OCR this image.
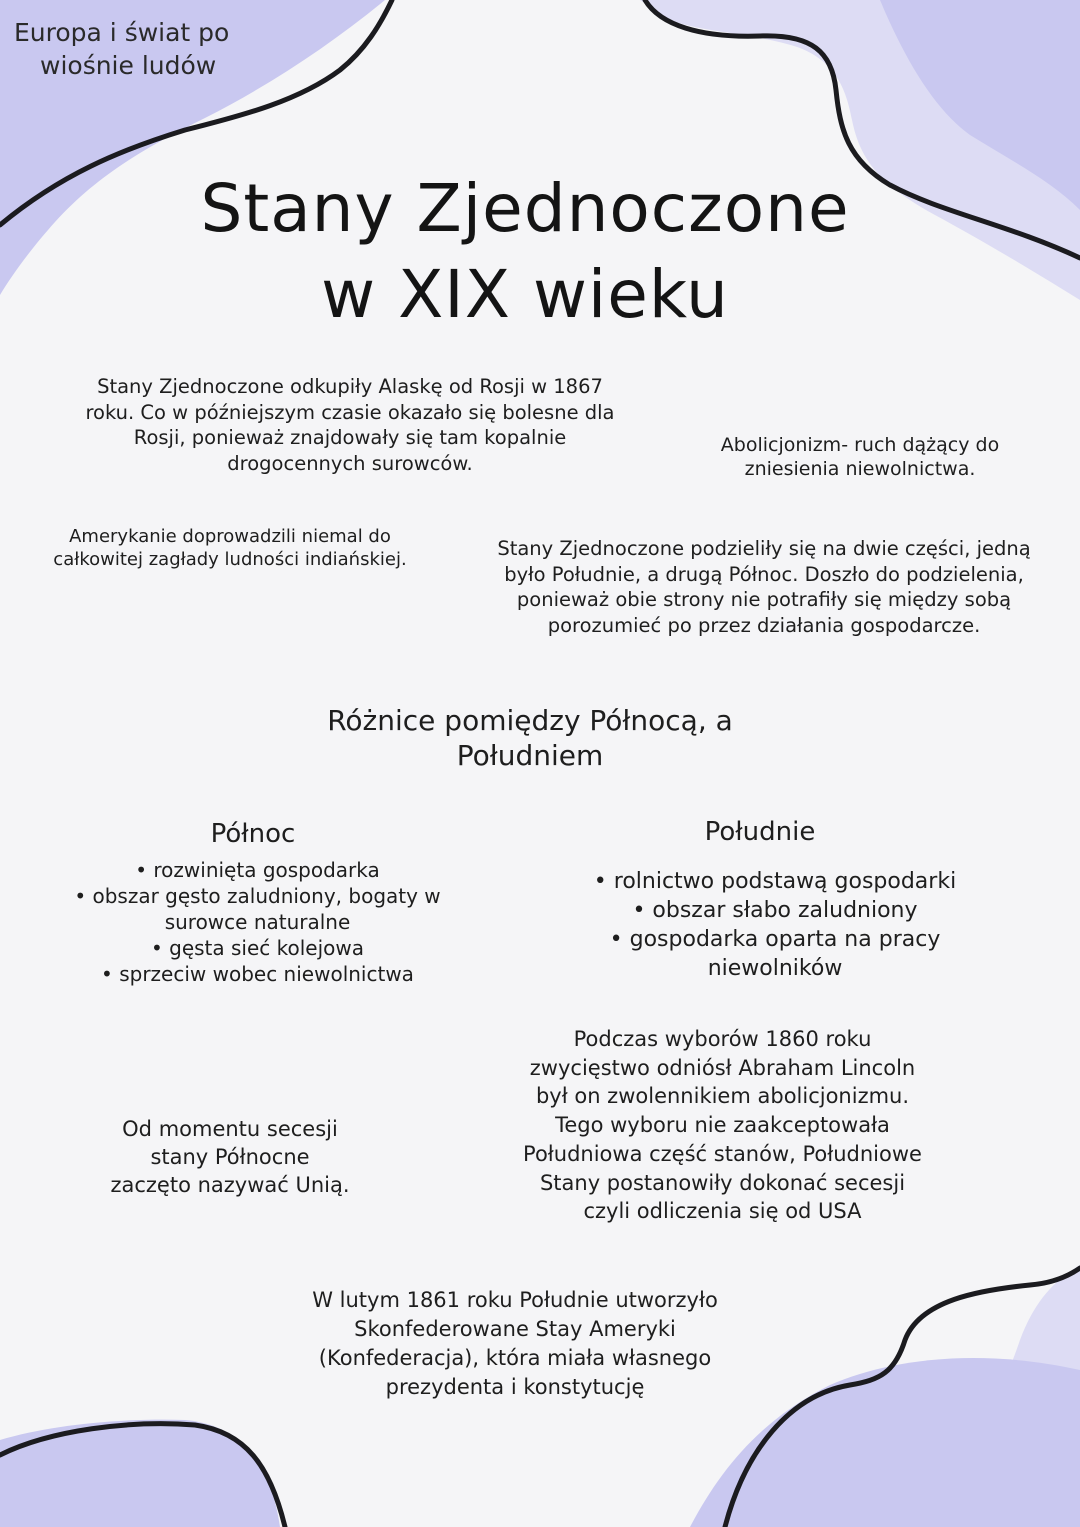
Europa i świat po
wiośnie ludów
Stany Zjednoczone
w XIX wieku
Stany Zjednoczone odkupiły Alaskę od Rosji w 1867
roku. Co w późniejszym czasie okazało się bolesne dla
Rosji, ponieważ znajdowały się tam kopalnie
drogocennych surowców.
Abolicjonizm- ruch dążący do
zniesienia niewolnictwa.
Amerykanie doprowadzili niemal do
całkowitej zagłady ludności indiańskiej.	Stany Zjednoczone podzieliły się na dwie części, jedną
było Południe, a drugą Północ. Doszło do podzielenia,
ponieważ obie strony nie potrafiły się między sobą
porozumieć po przez działania gospodarcze.
Różnice pomiędzy Północą, a
Południem
Północ
• rozwinięta gospodarka
• obszar gęsto zaludniony, bogaty w
surowce naturalne
• gęsta sieć kolejowa
• sprzeciw wobec niewolnictwa
Południe
• rolnictwo podstawą gospodarki
• obszar słabo zaludniony
• gospodarka oparta na pracy
niewolników
Podczas wyborów 1860 roku
zwycięstwo odniósł Abraham Lincoln
był on zwolennikiem abolicjonizmu.
Tego wyboru nie zaakceptowała
Południowa część stanów, Południowe
Stany postanowiły dokonać secesji
czyli odliczenia się od USA
Od momentu secesji
stany Północne
zaczęto nazywać Unią.
W lutym 1861 roku Południe utworzyło
Skonfederowane Stay Ameryki
(Konfederacja), która miała własnego
prezydenta i konstytucję
